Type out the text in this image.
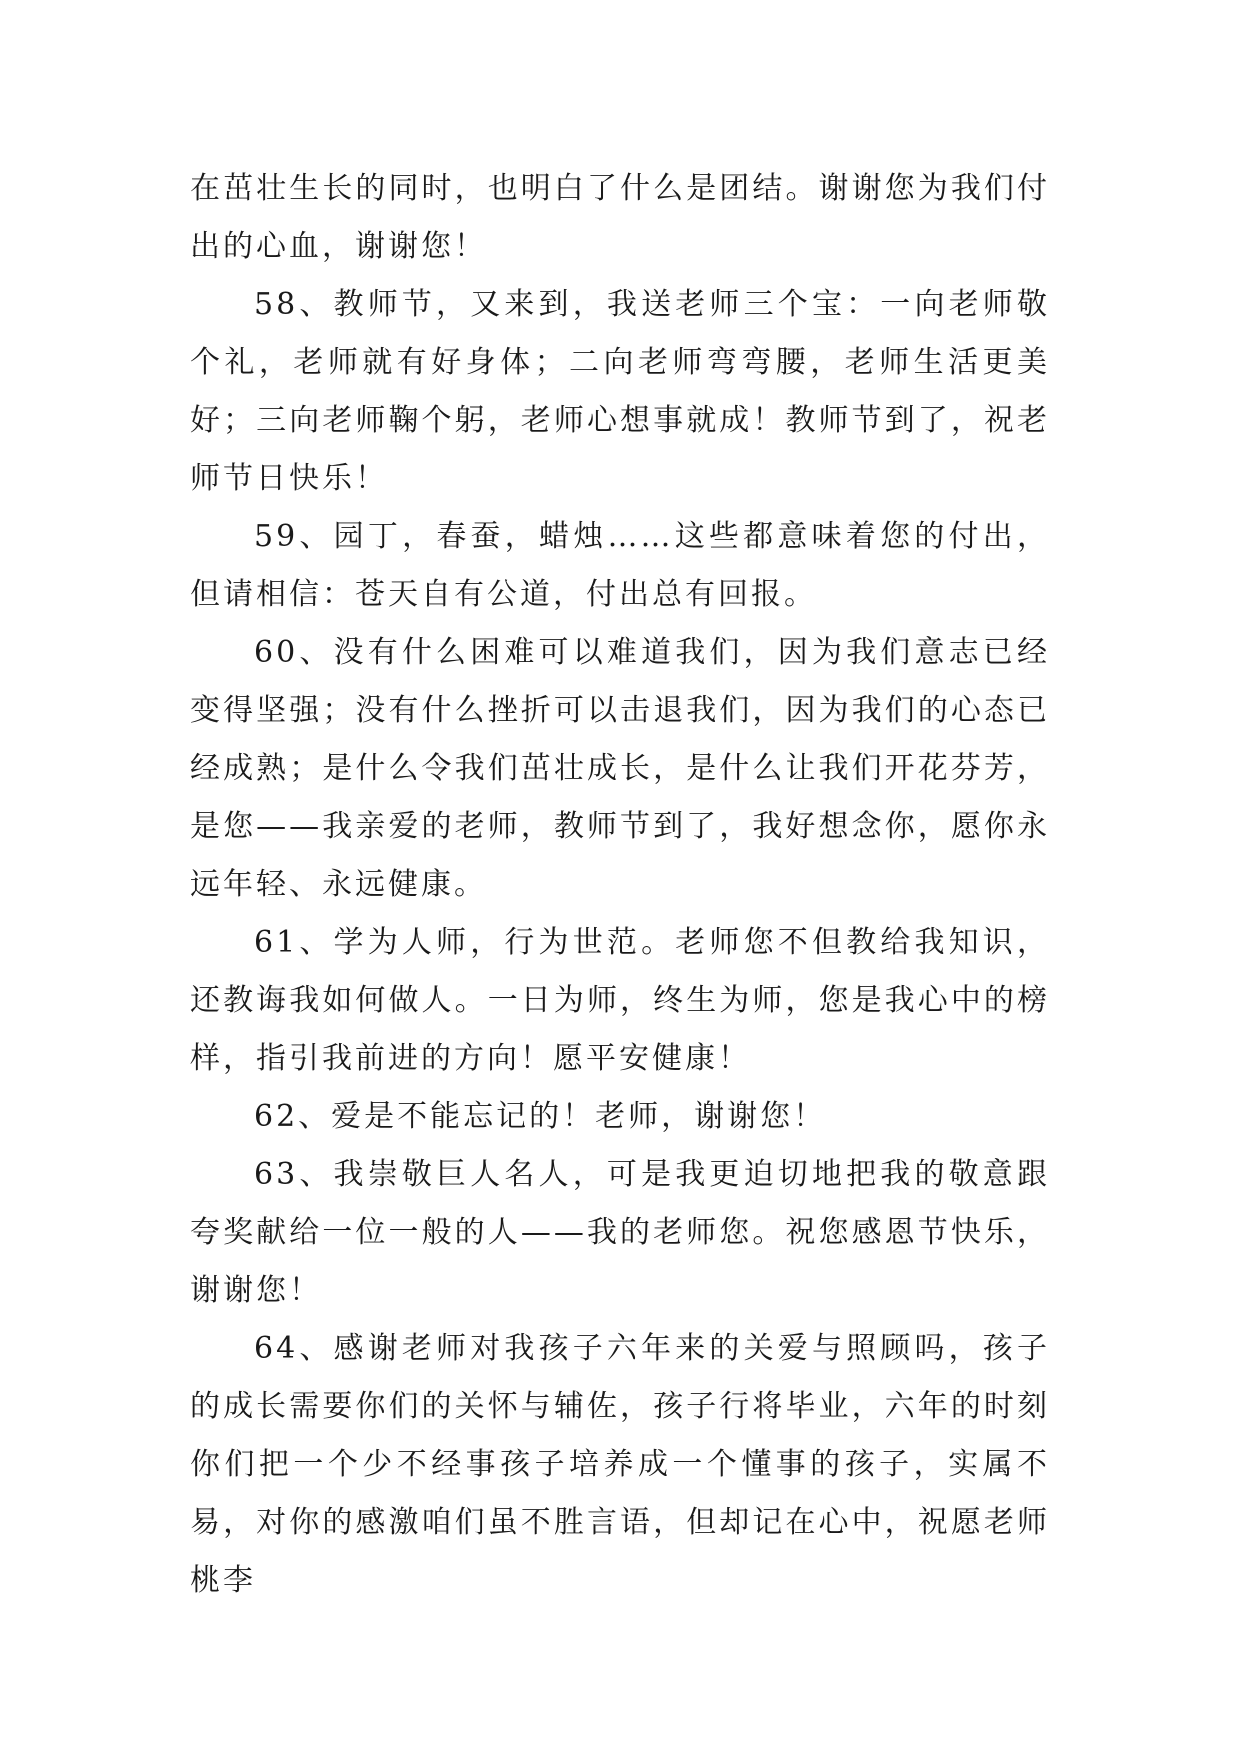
在茁壮生长的同时，也明白了什么是团结。谢谢您为我们付出的心血，谢谢您！

58、教师节，又来到，我送老师三个宝：一向老师敬个礼，老师就有好身体；二向老师弯弯腰，老师生活更美好；三向老师鞠个躬，老师心想事就成！教师节到了，祝老师节日快乐！

59、园丁，春蚕，蜡烛……这些都意味着您的付出，但请相信：苍天自有公道，付出总有回报。

60、没有什么困难可以难道我们，因为我们意志已经变得坚强；没有什么挫折可以击退我们，因为我们的心态已经成熟；是什么令我们茁壮成长，是什么让我们开花芬芳，是您——我亲爱的老师，教师节到了，我好想念你，愿你永远年轻、永远健康。

61、学为人师，行为世范。老师您不但教给我知识，还教诲我如何做人。一日为师，终生为师，您是我心中的榜样，指引我前进的方向！愿平安健康！

62、爱是不能忘记的！老师，谢谢您！

63、我崇敬巨人名人，可是我更迫切地把我的敬意跟夸奖献给一位一般的人——我的老师您。祝您感恩节快乐，谢谢您！

64、感谢老师对我孩子六年来的关爱与照顾吗，孩子的成长需要你们的关怀与辅佐，孩子行将毕业，六年的时刻你们把一个少不经事孩子培养成一个懂事的孩子，实属不易，对你的感激咱们虽不胜言语，但却记在心中，祝愿老师桃李
